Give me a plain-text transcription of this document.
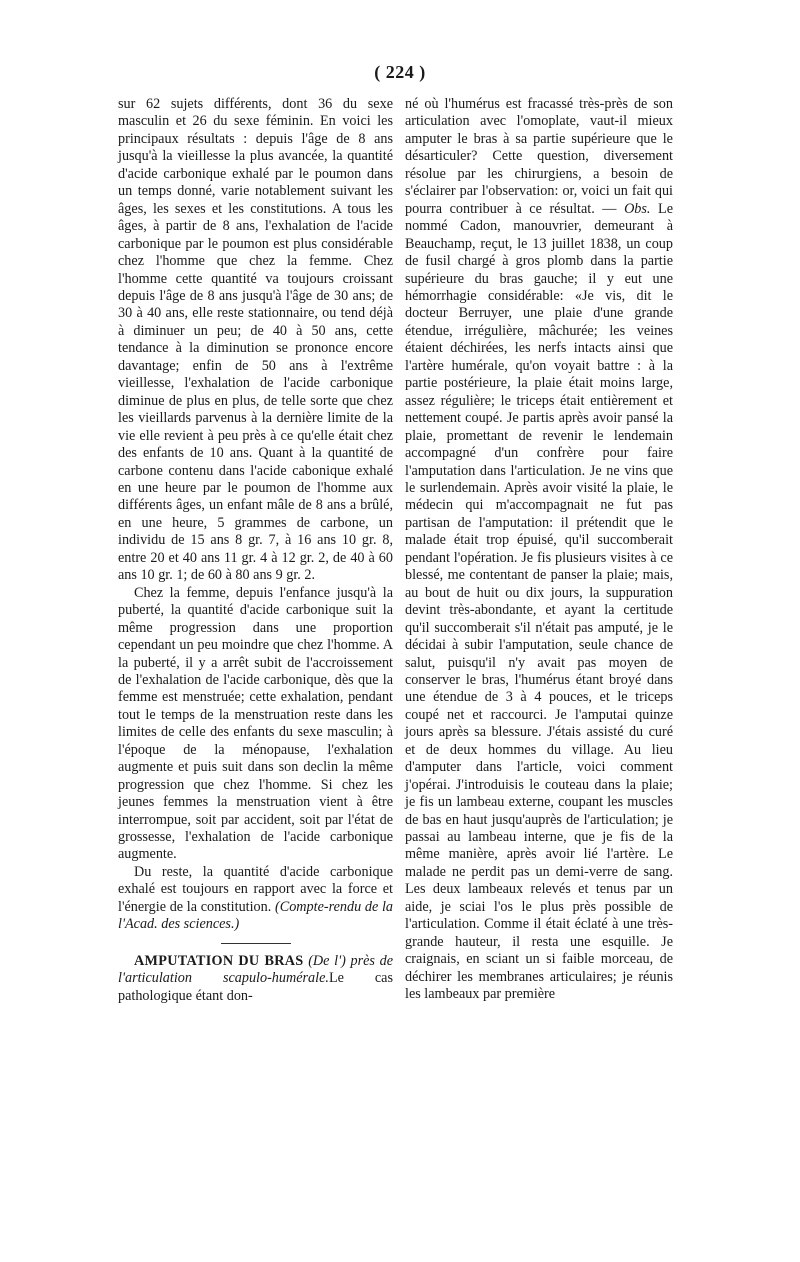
( 224 )

sur 62 sujets différents, dont 36 du sexe masculin et 26 du sexe féminin. En voici les principaux résultats : depuis l'âge de 8 ans jusqu'à la vieillesse la plus avancée, la quantité d'acide carbonique exhalé par le poumon dans un temps donné, varie notablement suivant les âges, les sexes et les constitutions. A tous les âges, à partir de 8 ans, l'exhalation de l'acide carbonique par le poumon est plus considérable chez l'homme que chez la femme. Chez l'homme cette quantité va toujours croissant depuis l'âge de 8 ans jusqu'à l'âge de 30 ans; de 30 à 40 ans, elle reste stationnaire, ou tend déjà à diminuer un peu; de 40 à 50 ans, cette tendance à la diminution se prononce encore davantage; enfin de 50 ans à l'extrême vieillesse, l'exhalation de l'acide carbonique diminue de plus en plus, de telle sorte que chez les vieillards parvenus à la dernière limite de la vie elle revient à peu près à ce qu'elle était chez des enfants de 10 ans. Quant à la quantité de carbone contenu dans l'acide cabonique exhalé en une heure par le poumon de l'homme aux différents âges, un enfant mâle de 8 ans a brûlé, en une heure, 5 grammes de carbone, un individu de 15 ans 8 gr. 7, à 16 ans 10 gr. 8, entre 20 et 40 ans 11 gr. 4 à 12 gr. 2, de 40 à 60 ans 10 gr. 1; de 60 à 80 ans 9 gr. 2.

Chez la femme, depuis l'enfance jusqu'à la puberté, la quantité d'acide carbonique suit la même progression dans une proportion cependant un peu moindre que chez l'homme. A la puberté, il y a arrêt subit de l'accroissement de l'exhalation de l'acide carbonique, dès que la femme est menstruée; cette exhalation, pendant tout le temps de la menstruation reste dans les limites de celle des enfants du sexe masculin; à l'époque de la ménopause, l'exhalation augmente et puis suit dans son declin la même progression que chez l'homme. Si chez les jeunes femmes la menstruation vient à être interrompue, soit par accident, soit par l'état de grossesse, l'exhalation de l'acide carbonique augmente.

Du reste, la quantité d'acide carbonique exhalé est toujours en rapport avec la force et l'énergie de la constitution. (Compte-rendu de la l'Acad. des sciences.)

AMPUTATION DU BRAS (De l') près de l'articulation scapulo-humérale.Le cas pathologique étant don-

né où l'humérus est fracassé très-près de son articulation avec l'omoplate, vaut-il mieux amputer le bras à sa partie supérieure que le désarticuler? Cette question, diversement résolue par les chirurgiens, a besoin de s'éclairer par l'observation: or, voici un fait qui pourra contribuer à ce résultat. — Obs. Le nommé Cadon, manouvrier, demeurant à Beauchamp, reçut, le 13 juillet 1838, un coup de fusil chargé à gros plomb dans la partie supérieure du bras gauche; il y eut une hémorrhagie considérable: «Je vis, dit le docteur Berruyer, une plaie d'une grande étendue, irrégulière, mâchurée; les veines étaient déchirées, les nerfs intacts ainsi que l'artère humérale, qu'on voyait battre : à la partie postérieure, la plaie était moins large, assez régulière; le triceps était entièrement et nettement coupé. Je partis après avoir pansé la plaie, promettant de revenir le lendemain accompagné d'un confrère pour faire l'amputation dans l'articulation. Je ne vins que le surlendemain. Après avoir visité la plaie, le médecin qui m'accompagnait ne fut pas partisan de l'amputation: il prétendit que le malade était trop épuisé, qu'il succomberait pendant l'opération. Je fis plusieurs visites à ce blessé, me contentant de panser la plaie; mais, au bout de huit ou dix jours, la suppuration devint très-abondante, et ayant la certitude qu'il succomberait s'il n'était pas amputé, je le décidai à subir l'amputation, seule chance de salut, puisqu'il n'y avait pas moyen de conserver le bras, l'humérus étant broyé dans une étendue de 3 à 4 pouces, et le triceps coupé net et raccourci. Je l'amputai quinze jours après sa blessure. J'étais assisté du curé et de deux hommes du village. Au lieu d'amputer dans l'article, voici comment j'opérai. J'introduisis le couteau dans la plaie; je fis un lambeau externe, coupant les muscles de bas en haut jusqu'auprès de l'articulation; je passai au lambeau interne, que je fis de la même manière, après avoir lié l'artère. Le malade ne perdit pas un demi-verre de sang. Les deux lambeaux relevés et tenus par un aide, je sciai l'os le plus près possible de l'articulation. Comme il était éclaté à une très-grande hauteur, il resta une esquille. Je craignais, en sciant un si faible morceau, de déchirer les membranes articulaires; je réunis les lambeaux par première
